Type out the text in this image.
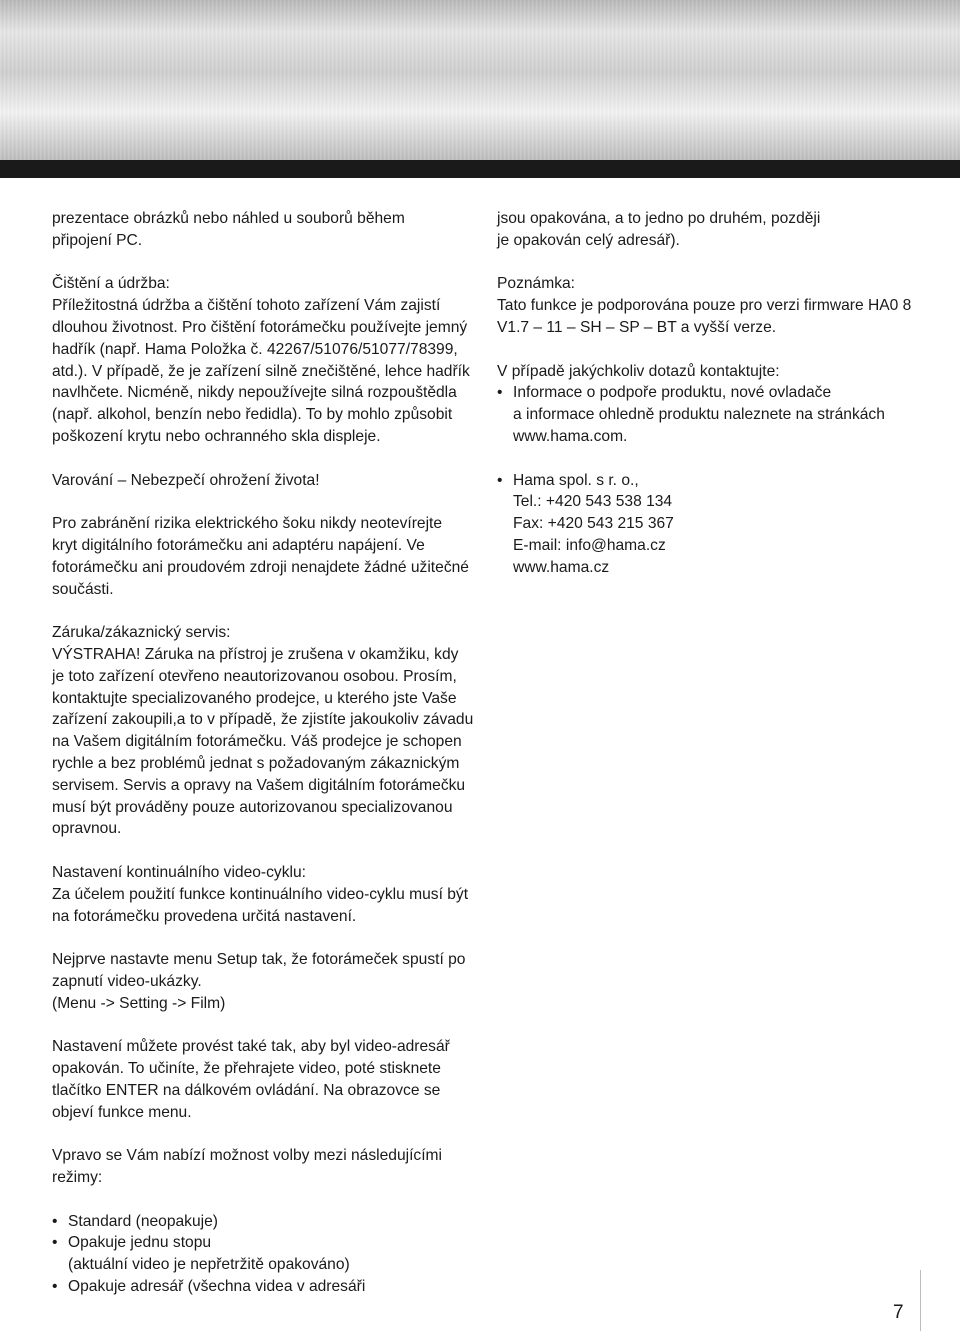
prezentace obrázků nebo náhled u souborů během
připojení PC.

Čištění a údržba:
Příležitostná údržba a čištění tohoto zařízení Vám zajistí
dlouhou životnost. Pro čištění fotorámečku používejte jemný
hadřík (např. Hama Položka č. 42267/51076/51077/78399,
atd.). V případě, že je zařízení silně znečištěné, lehce hadřík
navlhčete. Nicméně, nikdy nepoužívejte silná rozpouštědla
(např. alkohol, benzín nebo ředidla). To by mohlo způsobit
poškození krytu nebo ochranného skla displeje.

Varování – Nebezpečí ohrožení života!

Pro zabránění rizika elektrického šoku nikdy neotevírejte
kryt digitálního fotorámečku ani adaptéru napájení. Ve
fotorámečku ani proudovém zdroji nenajdete žádné užitečné
součásti.

Záruka/zákaznický servis:
VÝSTRAHA! Záruka na přístroj je zrušena v okamžiku, kdy
je toto zařízení otevřeno neautorizovanou osobou. Prosím,
kontaktujte specializovaného prodejce, u kterého jste Vaše
zařízení zakoupili,a to v případě, že zjistíte jakoukoliv závadu
na Vašem digitálním fotorámečku. Váš prodejce je schopen
rychle a bez problémů jednat s požadovaným zákaznickým
servisem. Servis a opravy na Vašem digitálním fotorámečku
musí být prováděny pouze autorizovanou specializovanou
opravnou.

Nastavení kontinuálního video-cyklu:
Za účelem použití funkce kontinuálního video-cyklu musí být
na fotorámečku provedena určitá nastavení.

Nejprve nastavte menu Setup tak, že fotorámeček spustí po
zapnutí video-ukázky.
(Menu -> Setting -> Film)

Nastavení můžete provést také tak, aby byl video-adresář
opakován. To učiníte, že přehrajete video, poté stisknete
tlačítko ENTER na dálkovém ovládání. Na obrazovce se
objeví funkce menu.

Vpravo se Vám nabízí možnost volby mezi následujícími
režimy:

• Standard (neopakuje)
• Opakuje jednu stopu
(aktuální video je nepřetržitě opakováno)
• Opakuje adresář (všechna videa v adresáři

jsou opakována, a to jedno po druhém, později
je opakován celý adresář).

Poznámka:
Tato funkce je podporována pouze pro verzi firmware HA0 8
V1.7 – 11 – SH – SP – BT a vyšší verze.

V případě jakýchkoliv dotazů kontaktujte:

• Informace o podpoře produktu, nové ovladače
a informace ohledně produktu naleznete na stránkách
www.hama.com.
• Hama spol. s r. o.,
Tel.: +420 543 538 134
Fax: +420 543 215 367
E-mail: info@hama.cz
www.hama.cz
7
